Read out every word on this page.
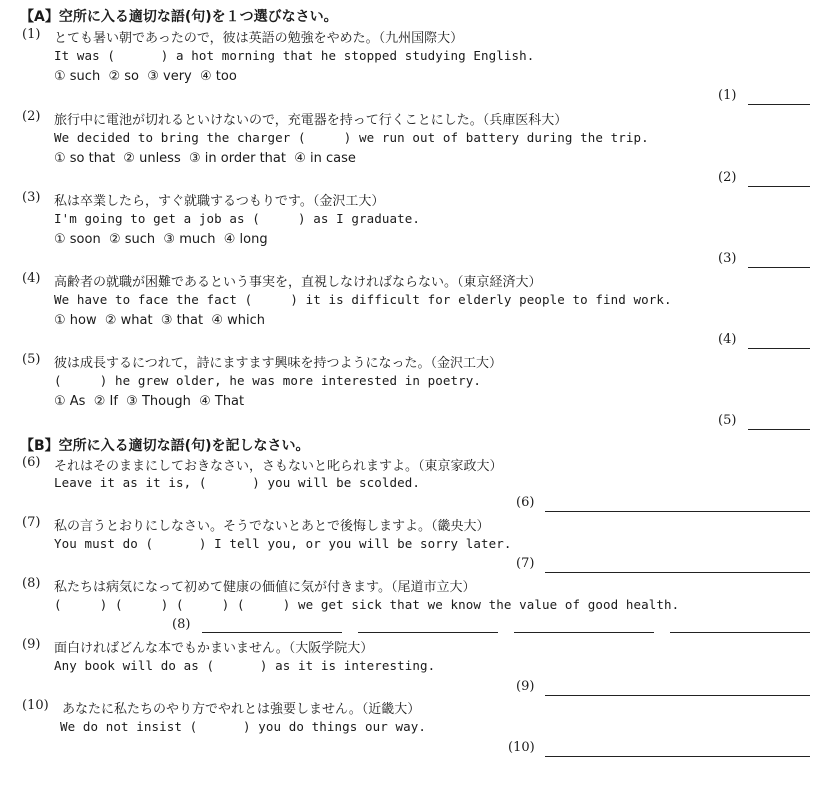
【A】空所に入る適切な語(句)を１つ選びなさい。
(1) とても暑い朝であったので，彼は英語の勉強をやめた。（九州国際大）
It was (      ) a hot morning that he stopped studying English.
① such  ② so  ③ very  ④ too
(1)
(2) 旅行中に電池が切れるといけないので，充電器を持って行くことにした。（兵庫医科大）
We decided to bring the charger (     ) we run out of battery during the trip.
① so that  ② unless  ③ in order that  ④ in case
(2)
(3) 私は卒業したら，すぐ就職するつもりです。（金沢工大）
I'm going to get a job as (     ) as I graduate.
① soon  ② such  ③ much  ④ long
(3)
(4) 高齢者の就職が困難であるという事実を，直視しなければならない。（東京経済大）
We have to face the fact (     ) it is difficult for elderly people to find work.
① how  ② what  ③ that  ④ which
(4)
(5) 彼は成長するにつれて，詩にますます興味を持つようになった。（金沢工大）
(     ) he grew older, he was more interested in poetry.
① As  ② If  ③ Though  ④ That
(5)
【B】空所に入る適切な語(句)を記しなさい。
(6) それはそのままにしておきなさい，さもないと叱られますよ。（東京家政大）
Leave it as it is, (      ) you will be scolded.
(6)
(7) 私の言うとおりにしなさい。そうでないとあとで後悔しますよ。（畿央大）
You must do (      ) I tell you, or you will be sorry later.
(7)
(8) 私たちは病気になって初めて健康の価値に気が付きます。（尾道市立大）
(     ) (     ) (     ) (     ) we get sick that we know the value of good health.
(8)
(9) 面白ければどんな本でもかまいません。（大阪学院大）
Any book will do as (      ) as it is interesting.
(9)
(10) あなたに私たちのやり方でやれとは強要しません。（近畿大）
We do not insist (      ) you do things our way.
(10)
